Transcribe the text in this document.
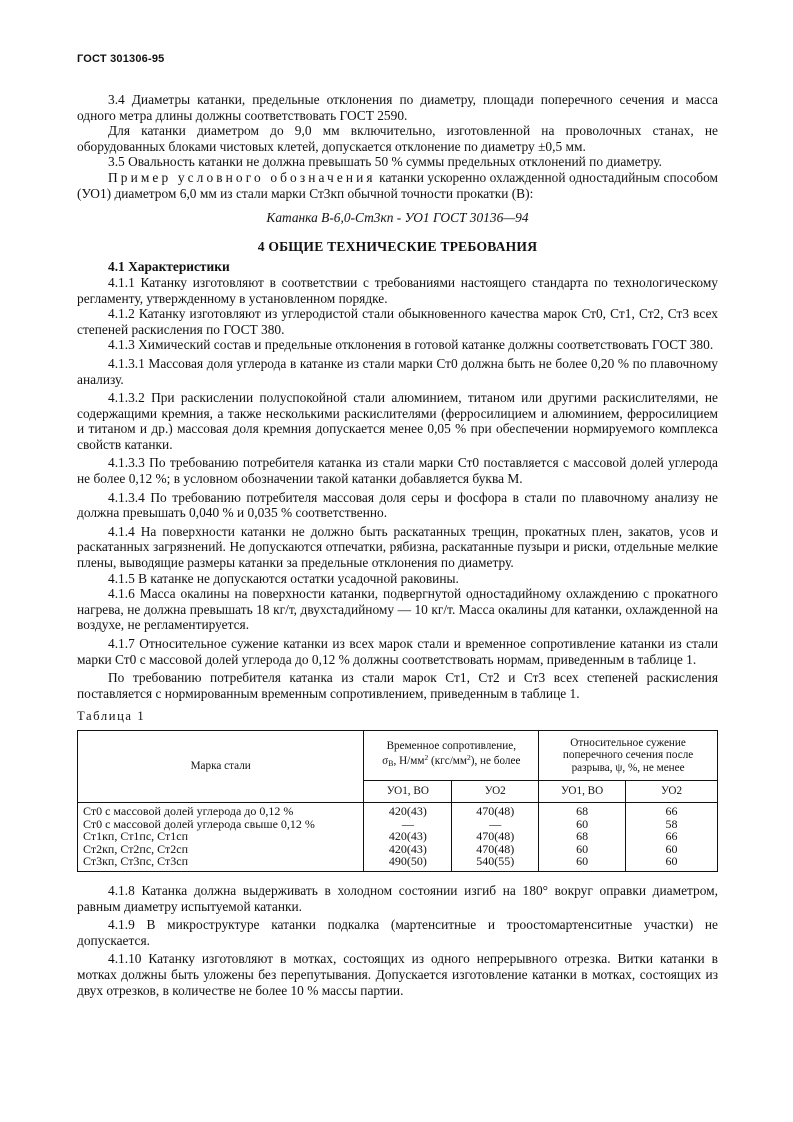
ГОСТ 301306-95

3.4 Диаметры катанки, предельные отклонения по диаметру, площади поперечного сечения и масса одного метра длины должны соответствовать ГОСТ 2590.

Для катанки диаметром до 9,0 мм включительно, изготовленной на проволочных станах, не оборудованных блоками чистовых клетей, допускается отклонение по диаметру ±0,5 мм.

3.5 Овальность катанки не должна превышать 50 % суммы предельных отклонений по диаметру.

Пример условного обозначения катанки ускоренно охлажденной одностадийным способом (УО1) диаметром 6,0 мм из стали марки Ст3кп обычной точности прокатки (В):

Катанка В-6,0-Ст3кп - УО1 ГОСТ 30136—94

4 ОБЩИЕ ТЕХНИЧЕСКИЕ ТРЕБОВАНИЯ

4.1 Характеристики

4.1.1 Катанку изготовляют в соответствии с требованиями настоящего стандарта по технологическому регламенту, утвержденному в установленном порядке.

4.1.2 Катанку изготовляют из углеродистой стали обыкновенного качества марок Ст0, Ст1, Ст2, Ст3 всех степеней раскисления по ГОСТ 380.

4.1.3 Химический состав и предельные отклонения в готовой катанке должны соответствовать ГОСТ 380.

4.1.3.1 Массовая доля углерода в катанке из стали марки Ст0 должна быть не более 0,20 % по плавочному анализу.

4.1.3.2 При раскислении полуспокойной стали алюминием, титаном или другими раскислителями, не содержащими кремния, а также несколькими раскислителями (ферросилицием и алюминием, ферросилицием и титаном и др.) массовая доля кремния допускается менее 0,05 % при обеспечении нормируемого комплекса свойств катанки.

4.1.3.3 По требованию потребителя катанка из стали марки Ст0 поставляется с массовой долей углерода не более 0,12 %; в условном обозначении такой катанки добавляется буква М.

4.1.3.4 По требованию потребителя массовая доля серы и фосфора в стали по плавочному анализу не должна превышать 0,040 % и 0,035 % соответственно.

4.1.4 На поверхности катанки не должно быть раскатанных трещин, прокатных плен, закатов, усов и раскатанных загрязнений. Не допускаются отпечатки, рябизна, раскатанные пузыри и риски, отдельные мелкие плены, выводящие размеры катанки за предельные отклонения по диаметру.

4.1.5 В катанке не допускаются остатки усадочной раковины.

4.1.6 Масса окалины на поверхности катанки, подвергнутой одностадийному охлаждению с прокатного нагрева, не должна превышать 18 кг/т, двухстадийному — 10 кг/т. Масса окалины для катанки, охлажденной на воздухе, не регламентируется.

4.1.7 Относительное сужение катанки из всех марок стали и временное сопротивление катанки из стали марки Ст0 с массовой долей углерода до 0,12 % должны соответствовать нормам, приведенным в таблице 1.

По требованию потребителя катанка из стали марок Ст1, Ст2 и Ст3 всех степеней раскисления поставляется с нормированным временным сопротивлением, приведенным в таблице 1.

Таблица 1

Марка стали	Временное сопротивление,
$\sigma_В$, $Н/мм^2$ $(кгс/мм^2)$, не более		Относительное сужение поперечного сечения после разрыва, ψ, %, не менее	
	УО1, ВО	УО2	УО1, ВО	УО2
Ст0 с массовой долей углерода до 0,12 %	420(43)	470(48)	68	66
Ст0 с массовой долей углерода свыше 0,12 %	—	—	60	58
Ст1кп, Ст1пс, Ст1сп	420(43)	470(48)	68	66
Ст2кп, Ст2пс, Ст2сп	420(43)	470(48)	60	60
Ст3кп, Ст3пс, Ст3сп	490(50)	540(55)	60	60

4.1.8 Катанка должна выдерживать в холодном состоянии изгиб на 180° вокруг оправки диаметром, равным диаметру испытуемой катанки.

4.1.9 В микроструктуре катанки подкалка (мартенситные и троостомартенситные участки) не допускается.

4.1.10 Катанку изготовляют в мотках, состоящих из одного непрерывного отрезка. Витки катанки в мотках должны быть уложены без перепутывания. Допускается изготовление катанки в мотках, состоящих из двух отрезков, в количестве не более 10 % массы партии.
